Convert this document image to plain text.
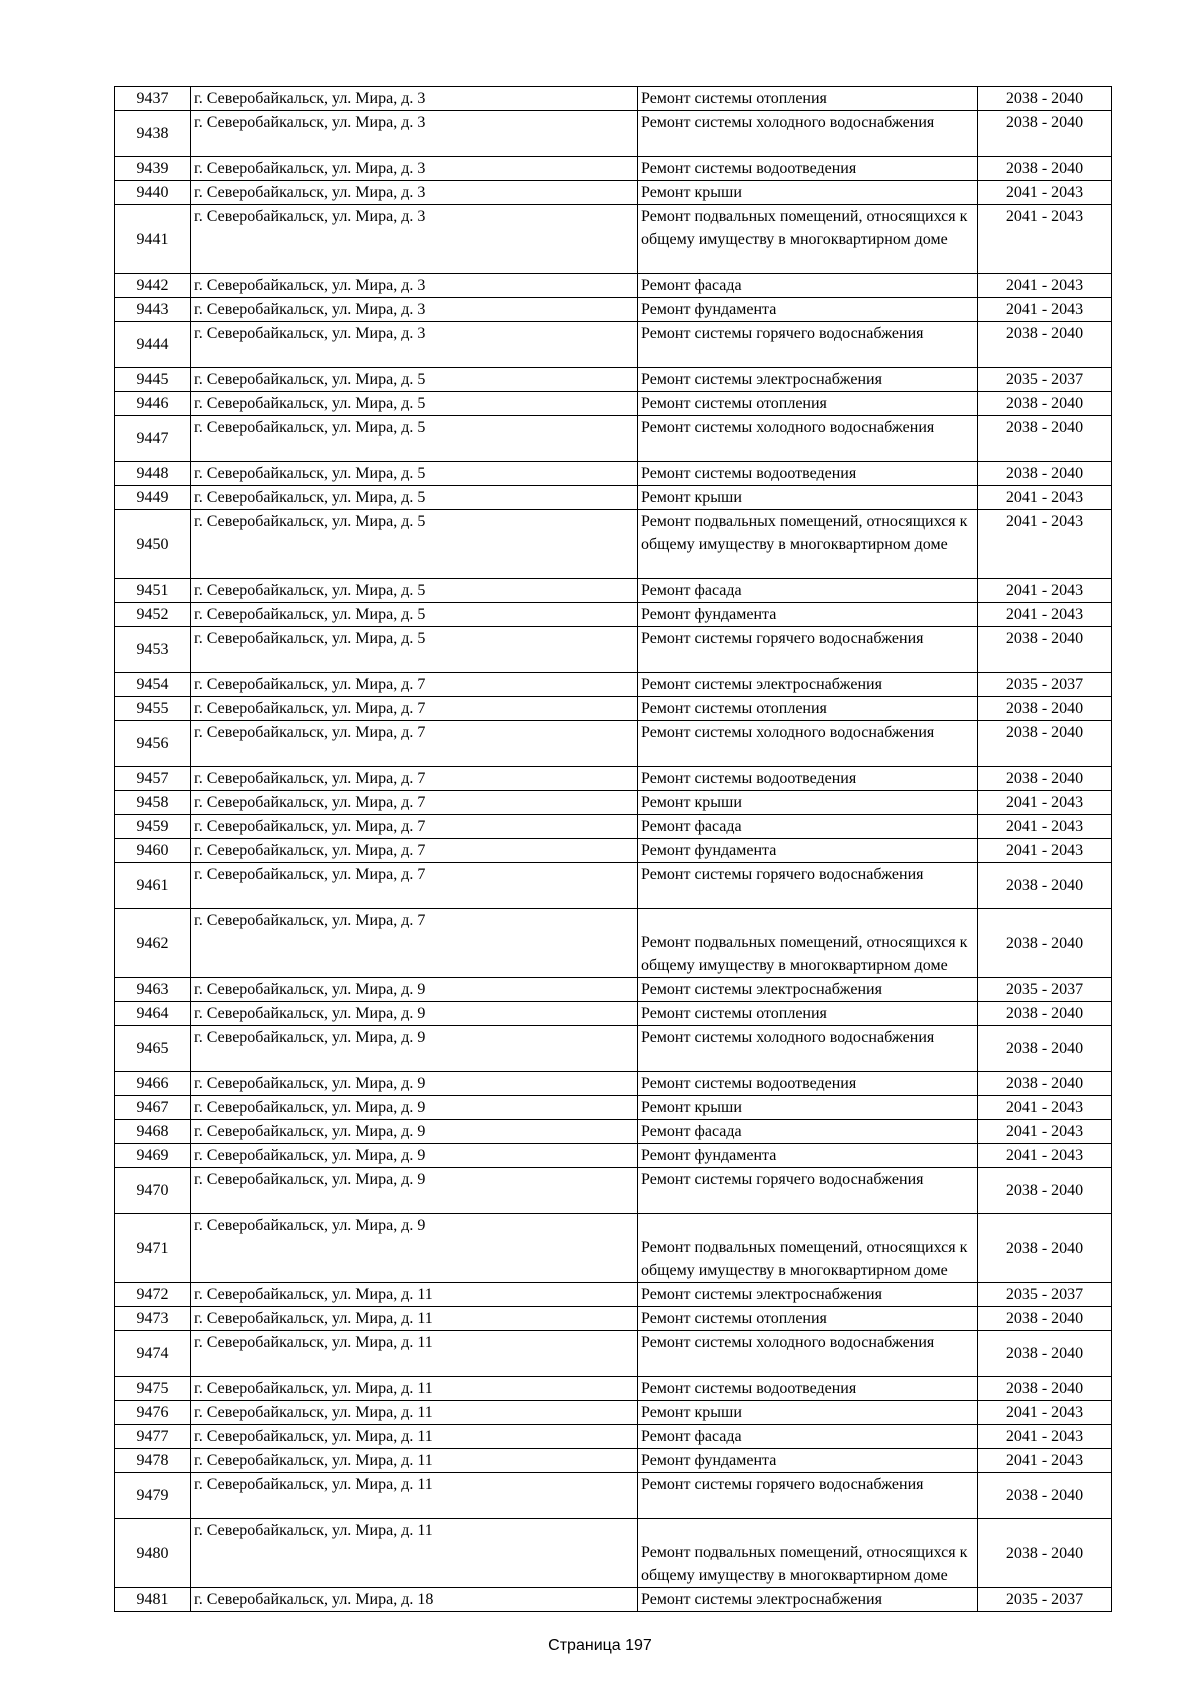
9437	г. Северобайкальск, ул. Мира, д. 3	Ремонт системы отопления	2038 - 2040
9438	г. Северобайкальск, ул. Мира, д. 3	Ремонт системы холодного водоснабжения	2038 - 2040
9439	г. Северобайкальск, ул. Мира, д. 3	Ремонт системы водоотведения	2038 - 2040
9440	г. Северобайкальск, ул. Мира, д. 3	Ремонт крыши	2041 - 2043
9441	г. Северобайкальск, ул. Мира, д. 3	Ремонт подвальных помещений, относящихся к общему имуществу в многоквартирном доме	2041 - 2043
9442	г. Северобайкальск, ул. Мира, д. 3	Ремонт фасада	2041 - 2043
9443	г. Северобайкальск, ул. Мира, д. 3	Ремонт фундамента	2041 - 2043
9444	г. Северобайкальск, ул. Мира, д. 3	Ремонт системы горячего водоснабжения	2038 - 2040
9445	г. Северобайкальск, ул. Мира, д. 5	Ремонт системы электроснабжения	2035 - 2037
9446	г. Северобайкальск, ул. Мира, д. 5	Ремонт системы отопления	2038 - 2040
9447	г. Северобайкальск, ул. Мира, д. 5	Ремонт системы холодного водоснабжения	2038 - 2040
9448	г. Северобайкальск, ул. Мира, д. 5	Ремонт системы водоотведения	2038 - 2040
9449	г. Северобайкальск, ул. Мира, д. 5	Ремонт крыши	2041 - 2043
9450	г. Северобайкальск, ул. Мира, д. 5	Ремонт подвальных помещений, относящихся к общему имуществу в многоквартирном доме	2041 - 2043
9451	г. Северобайкальск, ул. Мира, д. 5	Ремонт фасада	2041 - 2043
9452	г. Северобайкальск, ул. Мира, д. 5	Ремонт фундамента	2041 - 2043
9453	г. Северобайкальск, ул. Мира, д. 5	Ремонт системы горячего водоснабжения	2038 - 2040
9454	г. Северобайкальск, ул. Мира, д. 7	Ремонт системы электроснабжения	2035 - 2037
9455	г. Северобайкальск, ул. Мира, д. 7	Ремонт системы отопления	2038 - 2040
9456	г. Северобайкальск, ул. Мира, д. 7	Ремонт системы холодного водоснабжения	2038 - 2040
9457	г. Северобайкальск, ул. Мира, д. 7	Ремонт системы водоотведения	2038 - 2040
9458	г. Северобайкальск, ул. Мира, д. 7	Ремонт крыши	2041 - 2043
9459	г. Северобайкальск, ул. Мира, д. 7	Ремонт фасада	2041 - 2043
9460	г. Северобайкальск, ул. Мира, д. 7	Ремонт фундамента	2041 - 2043
9461	г. Северобайкальск, ул. Мира, д. 7	Ремонт системы горячего водоснабжения	2038 - 2040
9462	г. Северобайкальск, ул. Мира, д. 7	Ремонт подвальных помещений, относящихся к общему имуществу в многоквартирном доме	2038 - 2040
9463	г. Северобайкальск, ул. Мира, д. 9	Ремонт системы электроснабжения	2035 - 2037
9464	г. Северобайкальск, ул. Мира, д. 9	Ремонт системы отопления	2038 - 2040
9465	г. Северобайкальск, ул. Мира, д. 9	Ремонт системы холодного водоснабжения	2038 - 2040
9466	г. Северобайкальск, ул. Мира, д. 9	Ремонт системы водоотведения	2038 - 2040
9467	г. Северобайкальск, ул. Мира, д. 9	Ремонт крыши	2041 - 2043
9468	г. Северобайкальск, ул. Мира, д. 9	Ремонт фасада	2041 - 2043
9469	г. Северобайкальск, ул. Мира, д. 9	Ремонт фундамента	2041 - 2043
9470	г. Северобайкальск, ул. Мира, д. 9	Ремонт системы горячего водоснабжения	2038 - 2040
9471	г. Северобайкальск, ул. Мира, д. 9	Ремонт подвальных помещений, относящихся к общему имуществу в многоквартирном доме	2038 - 2040
9472	г. Северобайкальск, ул. Мира, д. 11	Ремонт системы электроснабжения	2035 - 2037
9473	г. Северобайкальск, ул. Мира, д. 11	Ремонт системы отопления	2038 - 2040
9474	г. Северобайкальск, ул. Мира, д. 11	Ремонт системы холодного водоснабжения	2038 - 2040
9475	г. Северобайкальск, ул. Мира, д. 11	Ремонт системы водоотведения	2038 - 2040
9476	г. Северобайкальск, ул. Мира, д. 11	Ремонт крыши	2041 - 2043
9477	г. Северобайкальск, ул. Мира, д. 11	Ремонт фасада	2041 - 2043
9478	г. Северобайкальск, ул. Мира, д. 11	Ремонт фундамента	2041 - 2043
9479	г. Северобайкальск, ул. Мира, д. 11	Ремонт системы горячего водоснабжения	2038 - 2040
9480	г. Северобайкальск, ул. Мира, д. 11	Ремонт подвальных помещений, относящихся к общему имуществу в многоквартирном доме	2038 - 2040
9481	г. Северобайкальск, ул. Мира, д. 18	Ремонт системы электроснабжения	2035 - 2037
Страница 197
